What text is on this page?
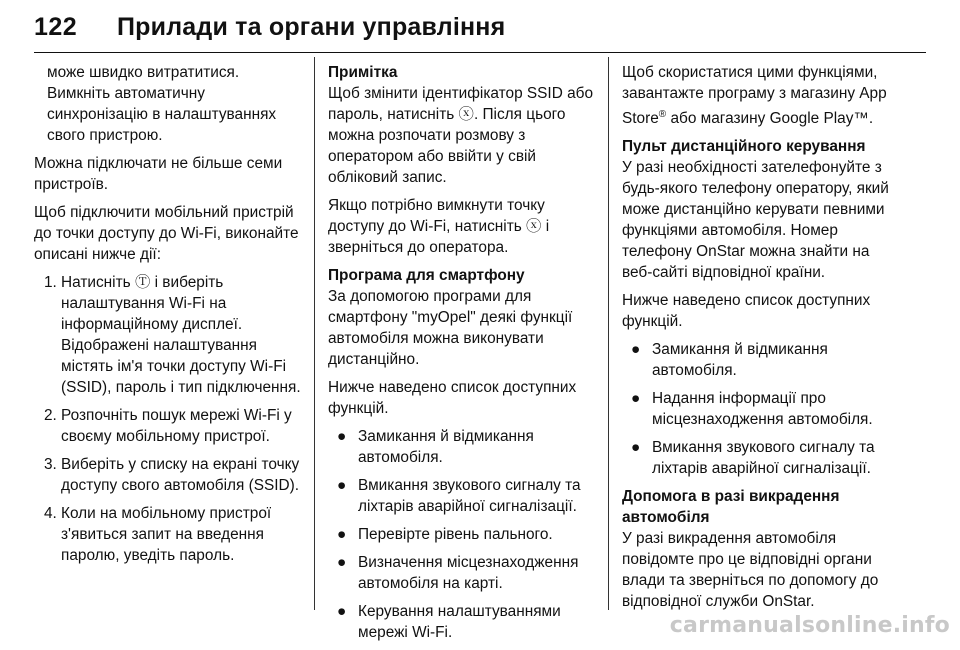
122 Прилади та органи управління
може швидко витратитися.
Вимкніть автоматичну
синхронізацію в налаштуваннях
свого пристрою.

Можна підключати не більше семи пристроїв.

Щоб підключити мобільний пристрій до точки доступу до Wi-Fi, виконайте описані нижче дії:

1. Натисніть Ⓣ і виберіть налаштування Wi-Fi на інформаційному дисплеї. Відображені налаштування містять ім'я точки доступу Wi-Fi (SSID), пароль і тип підключення.
2. Розпочніть пошук мережі Wi-Fi у своєму мобільному пристрої.
3. Виберіть у списку на екрані точку доступу свого автомобіля (SSID).
4. Коли на мобільному пристрої з'явиться запит на введення паролю, уведіть пароль.
Примітка

Щоб змінити ідентифікатор SSID або пароль, натисніть ⓧ. Після цього можна розпочати розмову з оператором або ввійти у свій обліковий запис.

Якщо потрібно вимкнути точку доступу до Wi-Fi, натисніть ⓧ і зверніться до оператора.

Програма для смартфону

За допомогою програми для смартфону "myOpel" деякі функції автомобіля можна виконувати дистанційно.

Нижче наведено список доступних функцій.

● Замикання й відмикання автомобіля.
● Вмикання звукового сигналу та ліхтарів аварійної сигналізації.
● Перевірте рівень пального.
● Визначення місцезнаходження автомобіля на карті.
● Керування налаштуваннями мережі Wi-Fi.

Щоб скористатися цими функціями, завантажте програму з магазину App Store® або магазину Google Play™.

Пульт дистанційного керування

У разі необхідності зателефонуйте з будь-якого телефону оператору, який може дистанційно керувати певними функціями автомобіля. Номер телефону OnStar можна знайти на веб-сайті відповідної країни.

Нижче наведено список доступних функцій.

● Замикання й відмикання автомобіля.
● Надання інформації про місцезнаходження автомобіля.
● Вмикання звукового сигналу та ліхтарів аварійної сигналізації.
Допомога в разі викрадення
автомобіля

У разі викрадення автомобіля повідомте про це відповідні органи влади та зверніться по допомогу до відповідної служби OnStar.

carmanualsonline.info
